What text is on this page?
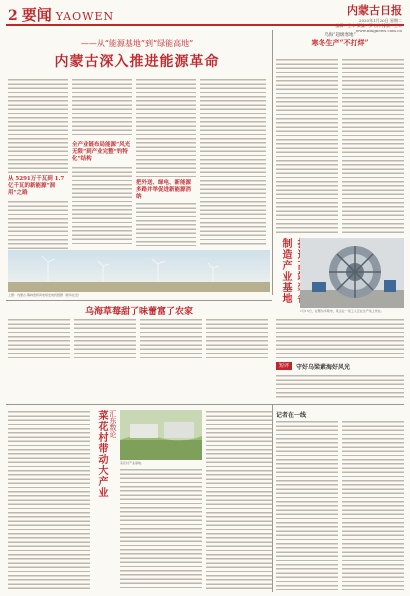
2 要闻 YAOWEN	内蒙古日报
2020年1月20日 星期二
www.nmgnews.com.cn
——从“能源基地”到“绿能高地”
内蒙古深入推进能源革命
从 5291万千瓦到 1.7亿千瓦的新能源“洞用”之路
全产业链布局能源“风光无限”到产业完整“钓特化”结构
把外送、绿电、新能源多路并举促进新能源消纳
上图：内蒙古·锡林浩特风电场发电机组群（新华社发）
乌海“超级寒地”
寒冬生产“不打烊”
制造产业基地
1月15日，在鄂尔多斯市，某企业一线工人正在生产线上作业。
乌海草莓甜了味蕾富了农家
短评	守好乌梁素海好风光
菜花村带动大产业 汇东数论
菜花村产业基地。
记者在一线
